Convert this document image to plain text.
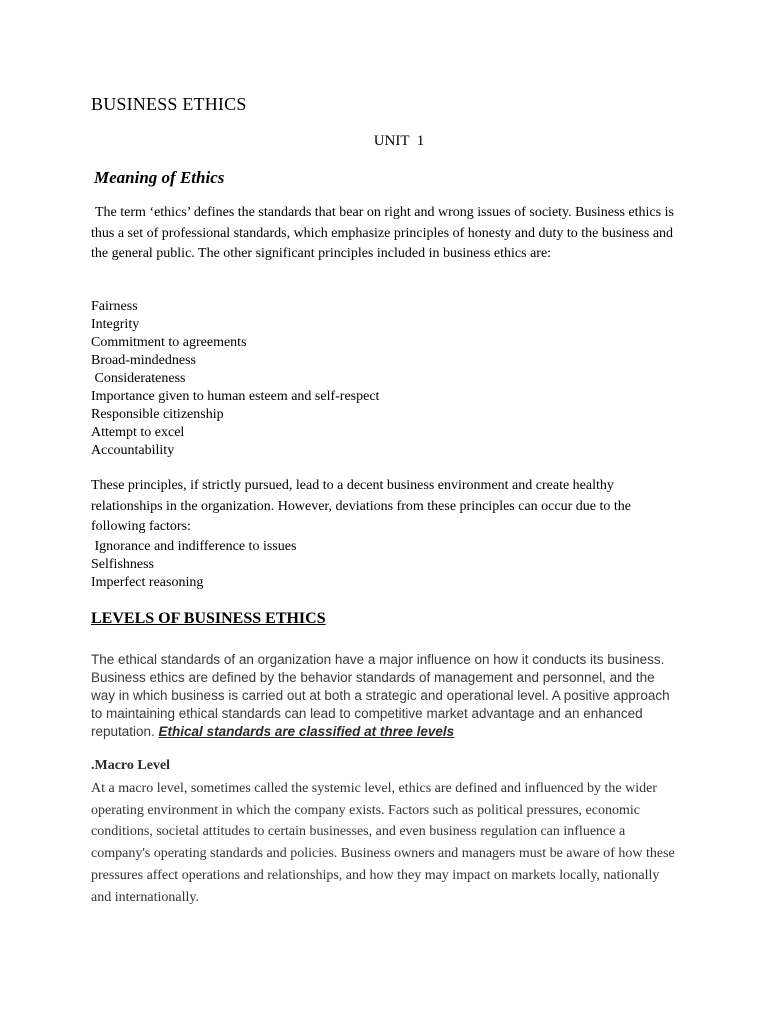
BUSINESS ETHICS
UNIT  1
Meaning of Ethics

The term ‘ethics’ defines the standards that bear on right and wrong issues of society. Business ethics is thus a set of professional standards, which emphasize principles of honesty and duty to the business and the general public. The other significant principles included in business ethics are:

Fairness
Integrity
Commitment to agreements
Broad-mindedness
Considerateness
Importance given to human esteem and self-respect
Responsible citizenship
Attempt to excel
Accountability

These principles, if strictly pursued, lead to a decent business environment and create healthy relationships in the organization. However, deviations from these principles can occur due to the following factors:

Ignorance and indifference to issues
Selfishness
Imperfect reasoning
LEVELS OF BUSINESS ETHICS

The ethical standards of an organization have a major influence on how it conducts its business. Business ethics are defined by the behavior standards of management and personnel, and the way in which business is carried out at both a strategic and operational level. A positive approach to maintaining ethical standards can lead to competitive market advantage and an enhanced reputation. Ethical standards are classified at three levels

.Macro Level

At a macro level, sometimes called the systemic level, ethics are defined and influenced by the wider operating environment in which the company exists. Factors such as political pressures, economic conditions, societal attitudes to certain businesses, and even business regulation can influence a company's operating standards and policies. Business owners and managers must be aware of how these pressures affect operations and relationships, and how they may impact on markets locally, nationally and internationally.
